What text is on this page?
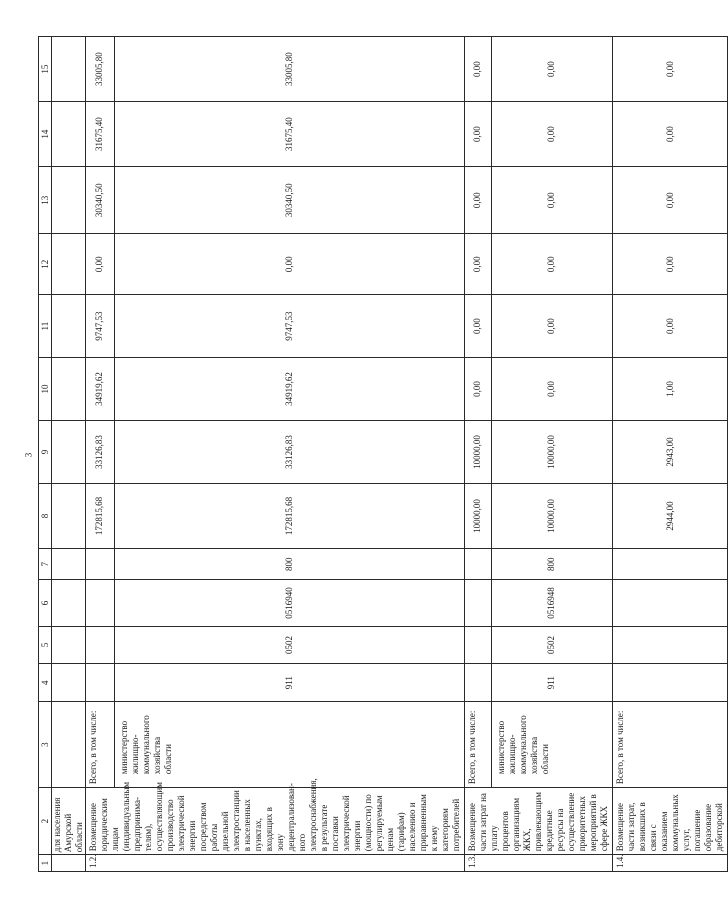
3
1	2	3	4	5	6	7	8	9	10	11	12	13	14	15
	для населения Амурской области													
1.2.	Возмещение юридическим лицам (индивидуальным предпринима-телям), осуществляющим производство электрической энергии посредством работы дизельной электростанции в населенных пунктах, входящих в зону децентрализован-ного электроснабжения, в результате поставки электрической энергии (мощности) по регулируемым ценам (тарифам) населению и приравненным к нему категориям потребителей	Всего, в том числе:					172815,68	33126,83	34919,62	9747,53	0,00	30340,50	31675,40	33005,80

		министерство жилищно-коммунального хозяйства области	911	0502	0516940	800	172815,68	33126,83	34919,62	9747,53	0,00	30340,50	31675,40	33005,80
1.3.	Возмещение части затрат на уплату процентов организациям ЖКХ, привлекающим кредитные ресурсы на осуществление приоритетных мероприятий в сфере ЖКХ	Всего, в том числе:					10000,00	10000,00	0,00	0,00	0,00	0,00	0,00	0,00

		министерство жилищно-коммунального хозяйства области	911	0502	0516948	800	10000,00	10000,00	0,00	0,00	0,00	0,00	0,00	0,00
1.4.	Возмещение части затрат, возникших в связи с оказанием коммунальных услуг, погашение образование дебиторской	Всего, в том числе:					2944,00	2943,00	1,00	0,00	0,00	0,00	0,00	0,00
